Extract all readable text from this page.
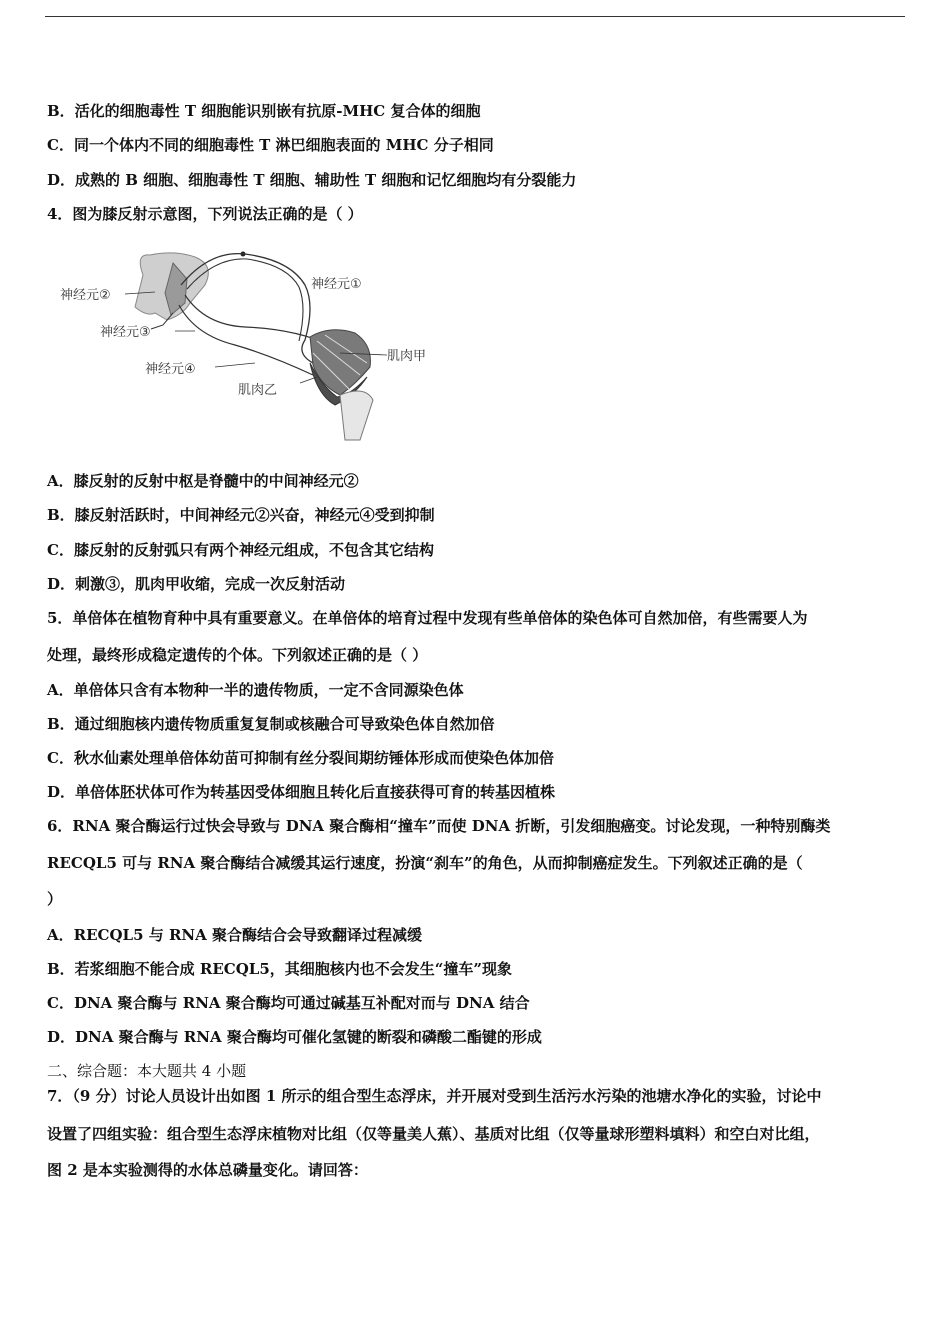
B．活化的细胞毒性 T 细胞能识别嵌有抗原-MHC 复合体的细胞
C．同一个体内不同的细胞毒性 T 淋巴细胞表面的 MHC 分子相同
D．成熟的 B 细胞、细胞毒性 T 细胞、辅助性 T 细胞和记忆细胞均有分裂能力
4．图为膝反射示意图，下列说法正确的是（ ）
神经元①
神经元②
神经元③
神经元④
肌肉甲
肌肉乙
A．膝反射的反射中枢是脊髓中的中间神经元②
B．膝反射活跃时，中间神经元②兴奋，神经元④受到抑制
C．膝反射的反射弧只有两个神经元组成，不包含其它结构
D．刺激③，肌肉甲收缩，完成一次反射活动
5．单倍体在植物育种中具有重要意义。在单倍体的培育过程中发现有些单倍体的染色体可自然加倍，有些需要人为
处理，最终形成稳定遗传的个体。下列叙述正确的是（ ）
A．单倍体只含有本物种一半的遗传物质，一定不含同源染色体
B．通过细胞核内遗传物质重复复制或核融合可导致染色体自然加倍
C．秋水仙素处理单倍体幼苗可抑制有丝分裂间期纺锤体形成而使染色体加倍
D．单倍体胚状体可作为转基因受体细胞且转化后直接获得可育的转基因植株
6．RNA 聚合酶运行过快会导致与 DNA 聚合酶相“撞车”而使 DNA 折断，引发细胞癌变。讨论发现，一种特别酶类
RECQL5 可与 RNA 聚合酶结合减缓其运行速度，扮演“刹车”的角色，从而抑制癌症发生。下列叙述正确的是（
）
A．RECQL5 与 RNA 聚合酶结合会导致翻译过程减缓
B．若浆细胞不能合成 RECQL5，其细胞核内也不会发生“撞车”现象
C．DNA 聚合酶与 RNA 聚合酶均可通过碱基互补配对而与 DNA 结合
D．DNA 聚合酶与 RNA 聚合酶均可催化氢键的断裂和磷酸二酯键的形成
二、综合题：本大题共 4 小题
7．（9 分）讨论人员设计出如图 1 所示的组合型生态浮床，并开展对受到生活污水污染的池塘水净化的实验，讨论中
设置了四组实验：组合型生态浮床植物对比组（仅等量美人蕉）、基质对比组（仅等量球形塑料填料）和空白对比组，
图 2 是本实验测得的水体总磷量变化。请回答：
